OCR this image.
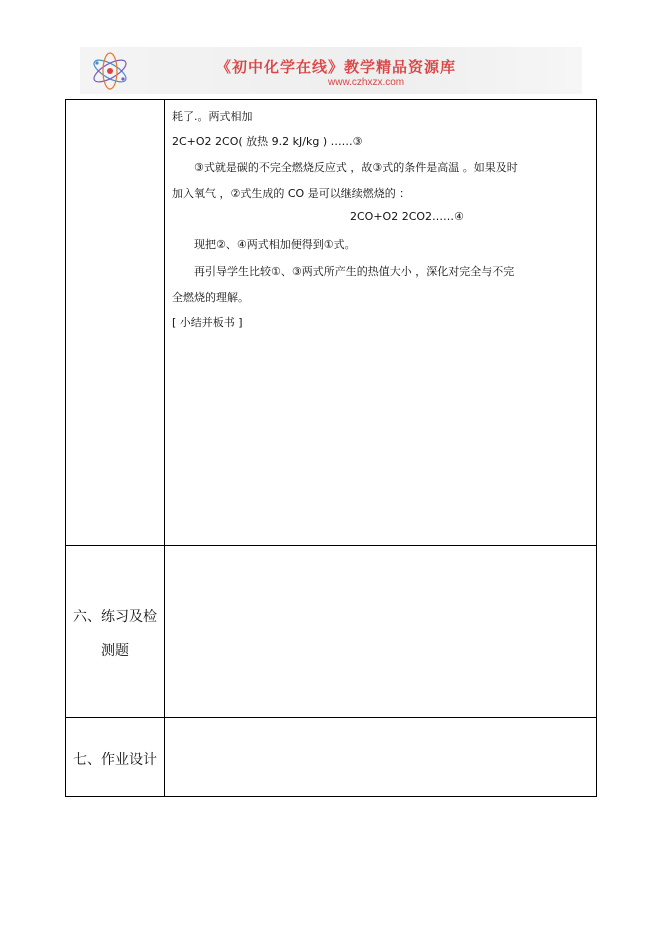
《初中化学在线》教学精品资源库
www.czhxzx.com
耗了.。两式相加
2C+O2 2CO( 放热 9.2 kJ/kg ) ……③
③式就是碳的不完全燃烧反应式 ，故③式的条件是高温 。如果及时
加入氧气 ，②式生成的 CO 是可以继续燃烧的 ：
2CO+O2 2CO2……④
现把②、④两式相加便得到①式。
再引导学生比较①、③两式所产生的热值大小 ，深化对完全与不完
全燃烧的理解。
[ 小结并板书 ]
六、练习及检
测题
七、作业设计
